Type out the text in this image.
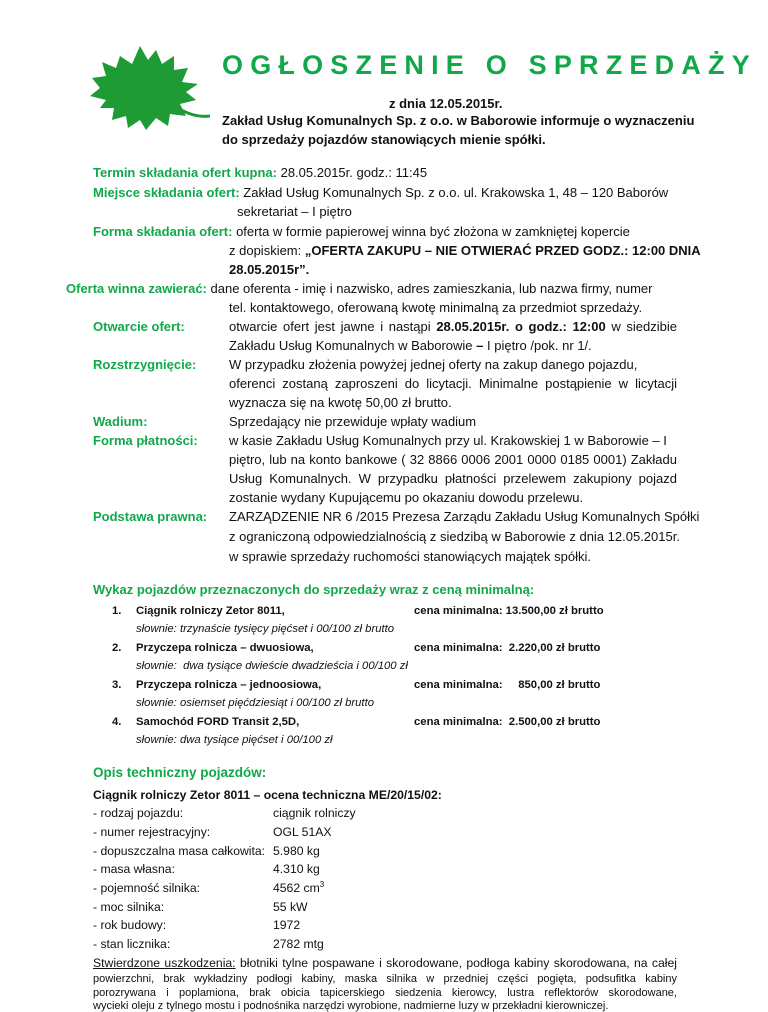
OGŁOSZENIE O SPRZEDAŻY
z dnia 12.05.2015r.
Zakład Usług Komunalnych Sp. z o.o. w Baborowie informuje o wyznaczeniu
do sprzedaży pojazdów stanowiących mienie spółki.
Termin składania ofert kupna: 28.05.2015r. godz.: 11:45
Miejsce składania ofert: Zakład Usług Komunalnych Sp. z o.o. ul. Krakowska 1, 48 – 120 Baborów
sekretariat – I piętro
Forma składania ofert: oferta w formie papierowej winna być złożona w zamkniętej kopercie
z dopiskiem: „OFERTA ZAKUPU – NIE OTWIERAĆ PRZED GODZ.: 12:00 DNIA
28.05.2015r”.
Oferta winna zawierać: dane oferenta - imię i nazwisko, adres zamieszkania, lub nazwa firmy, numer
tel. kontaktowego, oferowaną kwotę minimalną za przedmiot sprzedaży.
Otwarcie ofert:	otwarcie ofert jest jawne i nastąpi 28.05.2015r. o godz.: 12:00 w siedzibie
Zakładu Usług Komunalnych w Baborowie – I piętro /pok. nr 1/.
Rozstrzygnięcie:	W przypadku złożenia powyżej jednej oferty na zakup danego pojazdu,
oferenci zostaną zaproszeni do licytacji. Minimalne postąpienie w licytacji
wyznacza się na kwotę 50,00 zł brutto.
Wadium:	Sprzedający nie przewiduje wpłaty wadium
Forma płatności: w kasie Zakładu Usług Komunalnych przy ul. Krakowskiej 1 w Baborowie – I
piętro, lub na konto bankowe ( 32 8866 0006 2001 0000 0185 0001) Zakładu
Usług Komunalnych. W przypadku płatności przelewem zakupiony pojazd
zostanie wydany Kupującemu po okazaniu dowodu przelewu.
Podstawa prawna: ZARZĄDZENIE NR 6 /2015 Prezesa Zarządu Zakładu Usług Komunalnych Spółki
z ograniczoną odpowiedzialnością z siedzibą w Baborowie z dnia 12.05.2015r.
w sprawie sprzedaży ruchomości stanowiących majątek spółki.
Wykaz pojazdów przeznaczonych do sprzedaży wraz z ceną minimalną:
1. Ciągnik rolniczy Zetor 8011,	cena minimalna: 13.500,00 zł brutto
słownie: trzynaście tysięcy pięćset i 00/100 zł brutto
2. Przyczepa rolnicza – dwuosiowa,	cena minimalna:  2.220,00 zł brutto
słownie:  dwa tysiące dwieście dwadzieścia i 00/100 zł
3. Przyczepa rolnicza – jednoosiowa,	cena minimalna:     850,00 zł brutto
słownie: osiemset pięćdziesiąt i 00/100 zł brutto
4. Samochód FORD Transit 2,5D,	cena minimalna:  2.500,00 zł brutto
słownie: dwa tysiące pięćset i 00/100 zł
Opis techniczny pojazdów:
Ciągnik rolniczy Zetor 8011 – ocena techniczna ME/20/15/02:
- rodzaj pojazdu:	ciągnik rolniczy
- numer rejestracyjny:	OGL 51AX
- dopuszczalna masa całkowita: 5.980 kg
- masa własna:	4.310 kg
- pojemność silnika:	4562 $cm^3$
- moc silnika:	55 kW
- rok budowy:	1972
- stan licznika:	2782 mtg
Stwierdzone uszkodzenia: błotniki tylne pospawane i skorodowane, podłoga kabiny skorodowana, na całej
powierzchni, brak wykładziny podłogi kabiny, maska silnika w przedniej części pogięta, podsufitka kabiny
porozrywana i poplamiona, brak obicia tapicerskiego siedzenia kierowcy, lustra reflektorów skorodowane,
wycieki oleju z tylnego mostu i podnośnika narzędzi wyrobione, nadmierne luzy w przekładni kierowniczej.
